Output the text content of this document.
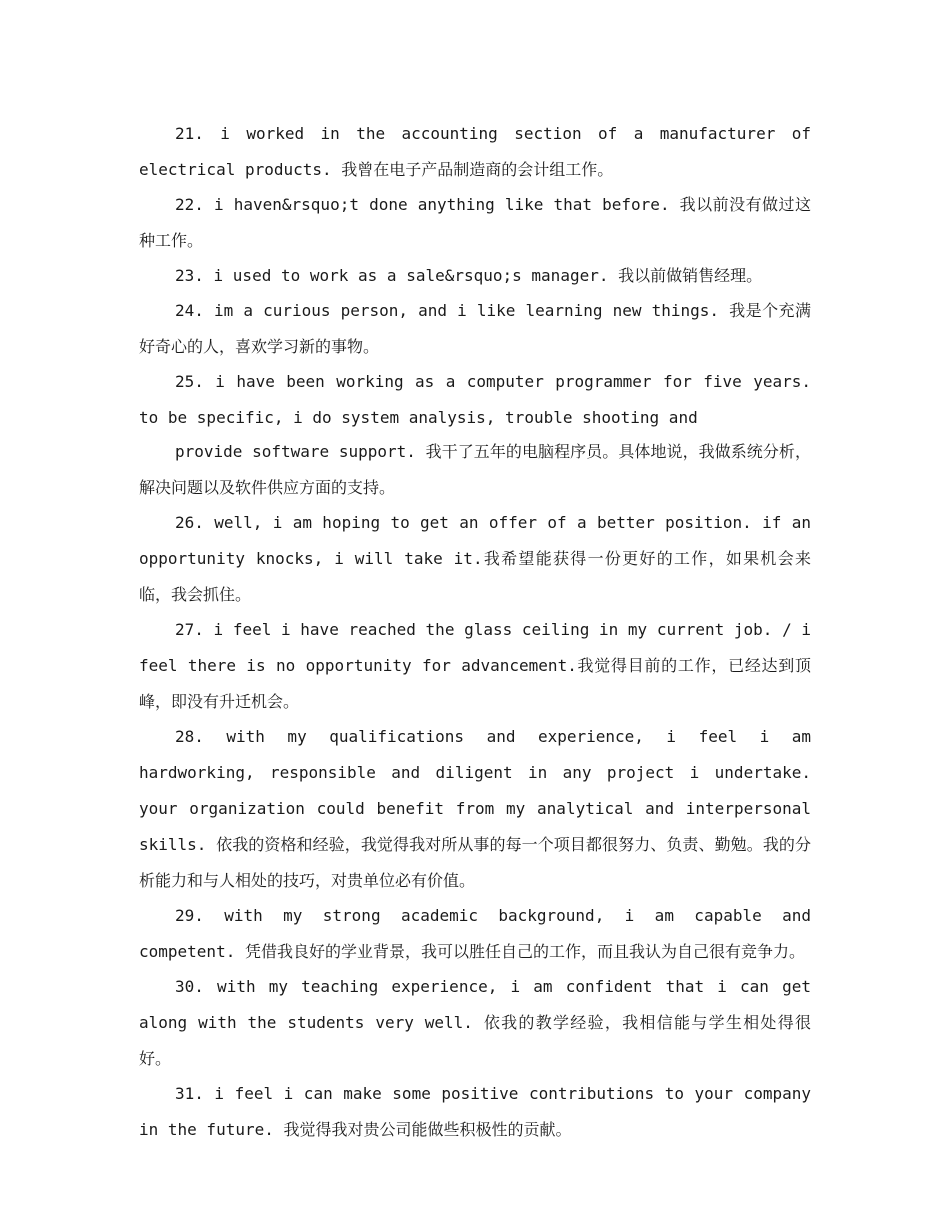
21. i worked in the accounting section of a manufacturer of electrical products. 我曾在电子产品制造商的会计组工作。

22. i haven&rsquo;t done anything like that before. 我以前没有做过这种工作。

23. i used to work as a sale&rsquo;s manager. 我以前做销售经理。

24. im a curious person, and i like learning new things. 我是个充满好奇心的人，喜欢学习新的事物。

25. i have been working as a computer programmer for five years. to be specific, i do system analysis, trouble shooting and

provide software support. 我干了五年的电脑程序员。具体地说，我做系统分析，解决问题以及软件供应方面的支持。

26. well, i am hoping to get an offer of a better position. if an opportunity knocks, i will take it.我希望能获得一份更好的工作，如果机会来临，我会抓住。

27. i feel i have reached the glass ceiling in my current job. / i feel there is no opportunity for advancement.我觉得目前的工作，已经达到顶峰，即没有升迁机会。

28. with my qualifications and experience, i feel i am hardworking, responsible and diligent in any project i undertake. your organization could benefit from my analytical and interpersonal skills. 依我的资格和经验，我觉得我对所从事的每一个项目都很努力、负责、勤勉。我的分析能力和与人相处的技巧，对贵单位必有价值。

29. with my strong academic background, i am capable and competent. 凭借我良好的学业背景，我可以胜任自己的工作，而且我认为自己很有竞争力。

30. with my teaching experience, i am confident that i can get along with the students very well. 依我的教学经验，我相信能与学生相处得很好。

31. i feel i can make some positive contributions to your company in the future. 我觉得我对贵公司能做些积极性的贡献。
